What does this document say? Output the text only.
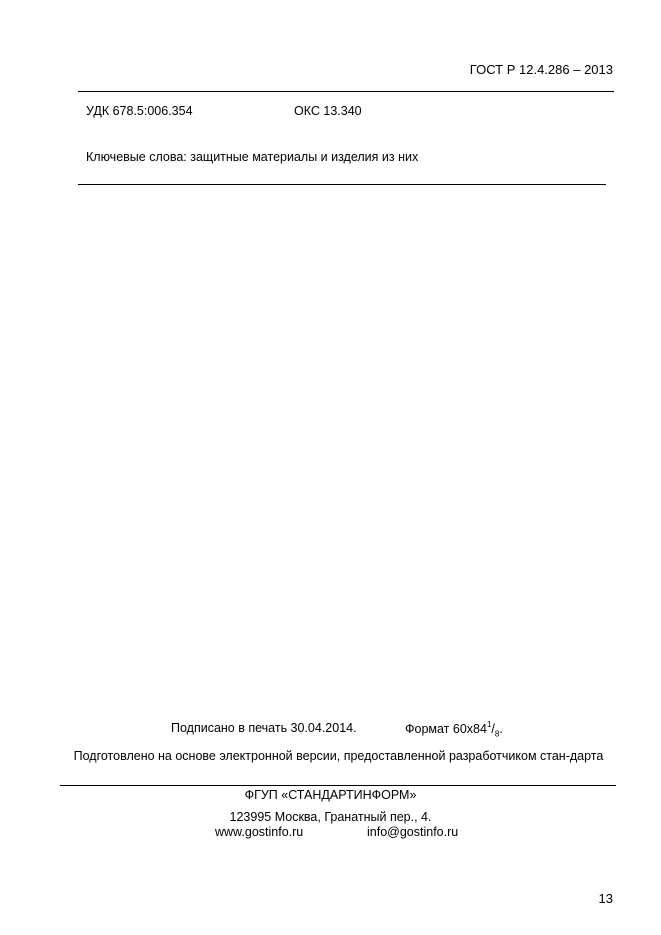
ГОСТ Р 12.4.286 – 2013
УДК 678.5:006.354	ОКС 13.340
Ключевые слова: защитные материалы и изделия из них
Подписано в печать 30.04.2014.	Формат $60x84^1/_8$.
Подготовлено на основе электронной версии, предоставленной разработчиком стан-дарта
ФГУП «СТАНДАРТИНФОРМ»
123995 Москва, Гранатный пер., 4.
www.gostinfo.ru	info@gostinfo.ru
13
